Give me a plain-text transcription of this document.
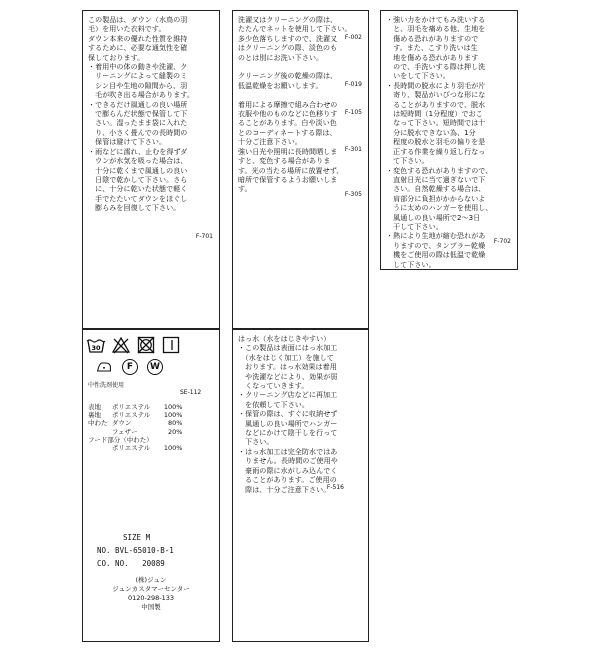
この製品は、ダウン（水鳥の羽
毛）を用いた衣料です。
ダウン本来の優れた性質を維持
するために、必要な通気性を確
保しております。
・着用中の体の動きや洗濯、ク
　リーニングによって縫製のミ
　シン目や生地の隙間から、羽
　毛が吹き出る場合があります。
・できるだけ風通しの良い場所
　で膨らんだ状態で保管して下
　さい。湿ったまま袋に入れた
　り、小さく畳んでの長時間の
　保管は避けて下さい。
・雨などに濡れ、止むを得ずダ
　ウンが水気を吸った場合は、
　十分に乾くまで風通しの良い
　日陰で乾かして下さい。さら
　に、十分に乾いた状態で軽く
　手でたたいてダウンをほぐし
　膨らみを回復して下さい。
F-701
洗濯又はクリーニングの際は、
たたんでネットを使用して下さい。
多少色落ちしますので、洗濯又
はクリーニングの際、淡色のも
のとは別にお洗い下さい。

クリーニング後の乾燥の際は、
低温乾燥をお願いします。

着用による摩擦で組み合わせの
衣服や他のものなどに色移りす
ることがあります。白や淡い色
とのコーディネートする際は、
十分ご注意下さい。
強い日光や照明に長時間晒しま
すと、変色する場合がありま
す。光の当たる場所に放置せず、
暗所で保管するようお願いしま
す。
F-002
F-019
F-105
F-301
F-305
・強い力をかけてもみ洗いする
　と、羽毛を痛める他、生地を
　傷める恐れがありますので
　す。また、こすり洗いは生
　地を傷める恐れがあります
　ので、手洗いする際は押し洗
　いをして下さい。
・長時間の脱水により羽毛が片
　寄り、製品がいびつな形にな
　ることがありますので、脱水
　は短時間（1分程度）でおこ
　なって下さい。短時間では十
　分に脱水できない為、1分
　程度の脱水と羽毛の偏りを是
　正する作業を繰り返し行なっ
　て下さい。
・変色する恐れがありますので、
　直射日光に当て過ぎないで下
　さい。自然乾燥する場合は、
　肩部分に負担がかからないよ
　うに太めのハンガーを使用し、
　風通しの良い場所で2〜3日
　干して下さい。
・熱により生地が縮む恐れがあ
　りますので、タンブラー乾燥
　機をご使用の際は低温で乾燥
　して下さい。
F-702
30
F	W
中性洗剤使用
SE-112
表地	ポリエステル	100%
裏地	ポリエステル	100%
中わた	ダウン	80%
	フェザー	20%
フード部分（中わた）		
	ポリエステル	100%
SIZE M
NO. BVL-65010-B-1
CO. NO.   20089
(株)ジュン
ジュンカスタマーセンター
0120-298-133
中国製
はっ水（水をはじきやすい）
・この製品は表面にはっ水加工
　（水をはじく加工）を施して
　おります。はっ水効果は着用
　や洗濯などにより、効果が弱
　くなっていきます。
・クリーニング店などに再加工
　を依頼して下さい。
・保管の際は、すぐに収納せず
　風通しの良い場所でハンガー
　などにかけて陰干しを行って
　下さい。
・はっ水加工は完全防水ではあ
　りません。長時間のご使用や
　豪雨の際に水がしみ込んでく
　ることがあります。ご使用の
　際は、十分ご注意下さい。
F-516
